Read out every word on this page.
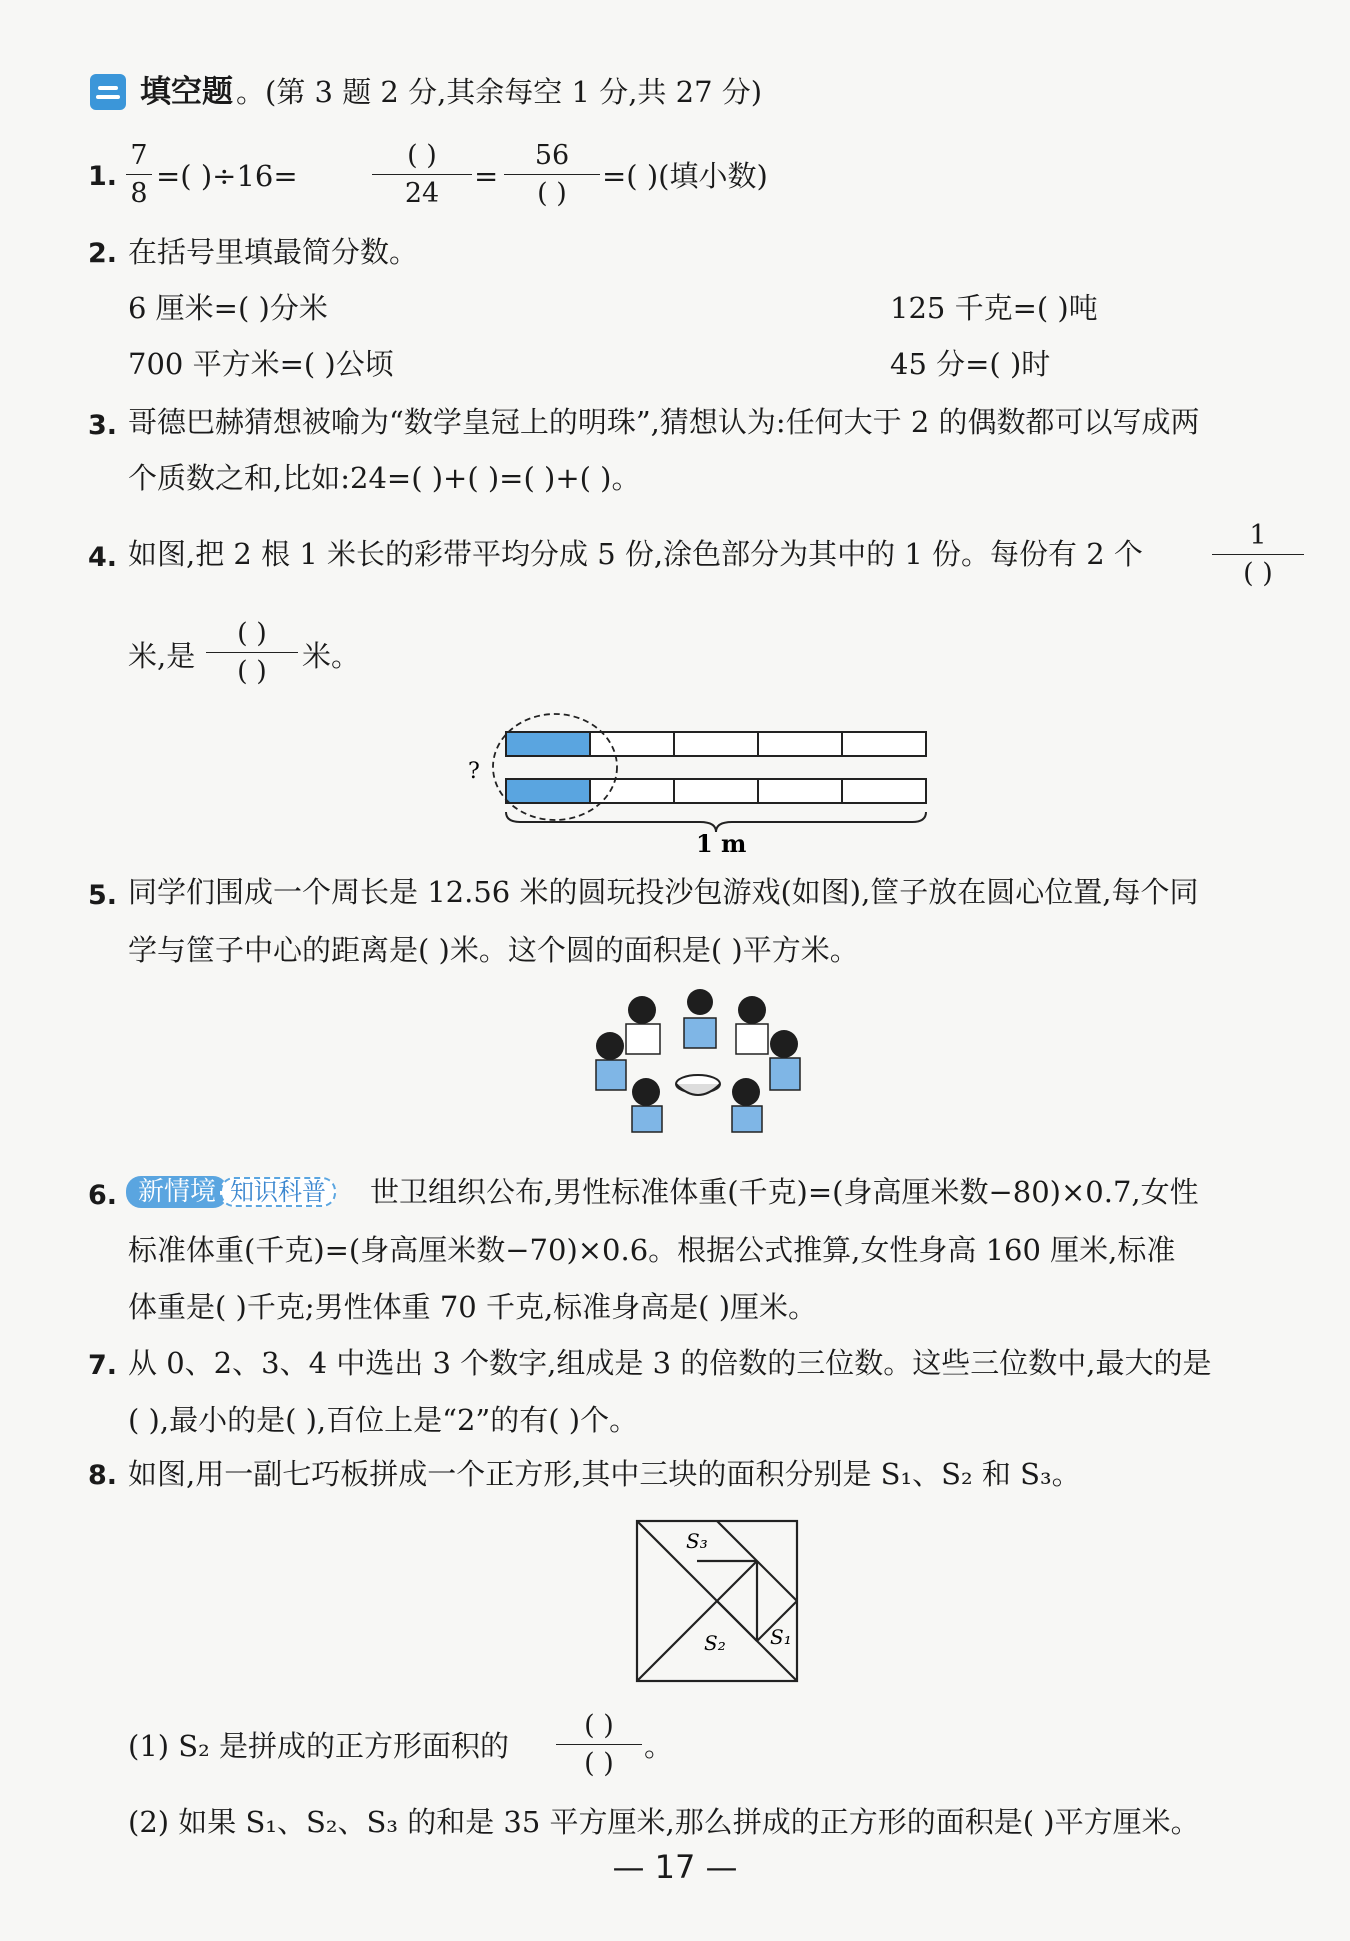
填空题 。(第 3 题 2 分,其余每空 1 分,共 27 分)
1.
7
8
=( )÷16=
( )
24
=
56
( )
=( )(填小数)
2. 在括号里填最简分数。
6 厘米=( )分米	125 千克=( )吨
700 平方米=( )公顷	45 分=( )时
3. 哥德巴赫猜想被喻为“数学皇冠上的明珠”,猜想认为:任何大于 2 的偶数都可以写成两
个质数之和,比如:24=( )+( )=( )+( )。
4. 如图,把 2 根 1 米长的彩带平均分成 5 份,涂色部分为其中的 1 份。每份有 2 个
1
( )
米,是
( )
( )	米。
?
1 m
5. 同学们围成一个周长是 12.56 米的圆玩投沙包游戏(如图),筐子放在圆心位置,每个同
学与筐子中心的距离是( )米。这个圆的面积是( )平方米。
6. 新情境 知识科普	世卫组织公布,男性标准体重(千克)=(身高厘米数−80)×0.7,女性
标准体重(千克)=(身高厘米数−70)×0.6。根据公式推算,女性身高 160 厘米,标准
体重是( )千克;男性体重 70 千克,标准身高是( )厘米。
7. 从 0、2、3、4 中选出 3 个数字,组成是 3 的倍数的三位数。这些三位数中,最大的是
( ),最小的是( ),百位上是“2”的有( )个。
8. 如图,用一副七巧板拼成一个正方形,其中三块的面积分别是 S₁、S₂ 和 S₃。
S₃
S₂ S₁
(1) S₂ 是拼成的正方形面积的
( )
( )
。
(2) 如果 S₁、S₂、S₃ 的和是 35 平方厘米,那么拼成的正方形的面积是( )平方厘米。
— 17 —
